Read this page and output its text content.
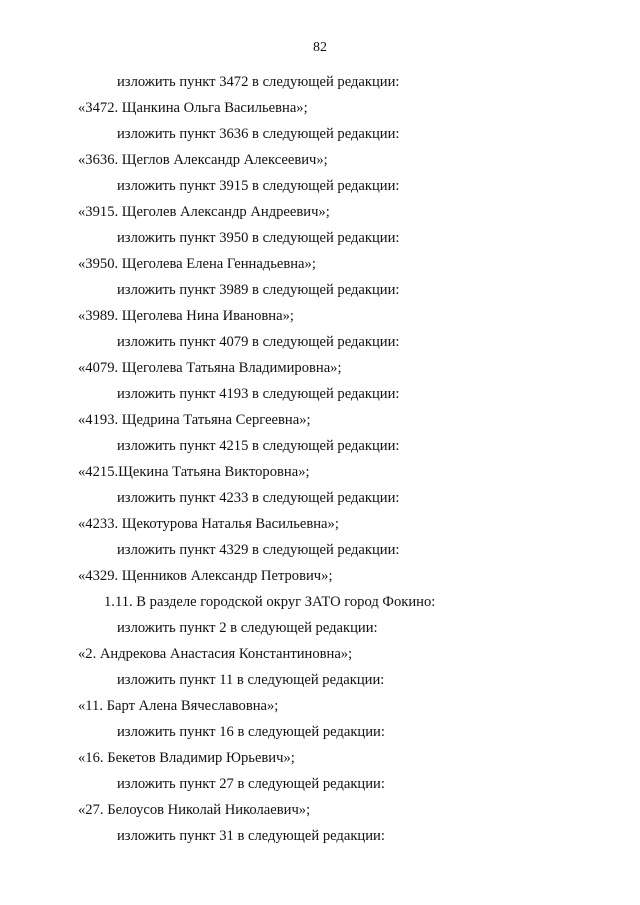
82
изложить пункт 3472 в следующей редакции:
«3472. Щанкина Ольга Васильевна»;
изложить пункт 3636 в следующей редакции:
«3636. Щеглов Александр Алексеевич»;
изложить пункт 3915 в следующей редакции:
«3915. Щеголев Александр Андреевич»;
изложить пункт 3950 в следующей редакции:
«3950. Щеголева Елена Геннадьевна»;
изложить пункт 3989 в следующей редакции:
«3989. Щеголева Нина Ивановна»;
изложить пункт 4079 в следующей редакции:
«4079. Щеголева Татьяна Владимировна»;
изложить пункт 4193 в следующей редакции:
«4193. Щедрина Татьяна Сергеевна»;
изложить пункт 4215 в следующей редакции:
«4215.Щекина Татьяна Викторовна»;
изложить пункт 4233 в следующей редакции:
«4233. Щекотурова Наталья Васильевна»;
изложить пункт 4329 в следующей редакции:
«4329. Щенников Александр Петрович»;
1.11. В разделе городской округ ЗАТО город Фокино:
изложить пункт 2 в следующей редакции:
«2. Андрекова Анастасия Константиновна»;
изложить пункт 11 в следующей редакции:
«11. Барт Алена Вячеславовна»;
изложить пункт 16 в следующей редакции:
«16. Бекетов Владимир Юрьевич»;
изложить пункт 27 в следующей редакции:
«27. Белоусов Николай Николаевич»;
изложить пункт 31 в следующей редакции:
